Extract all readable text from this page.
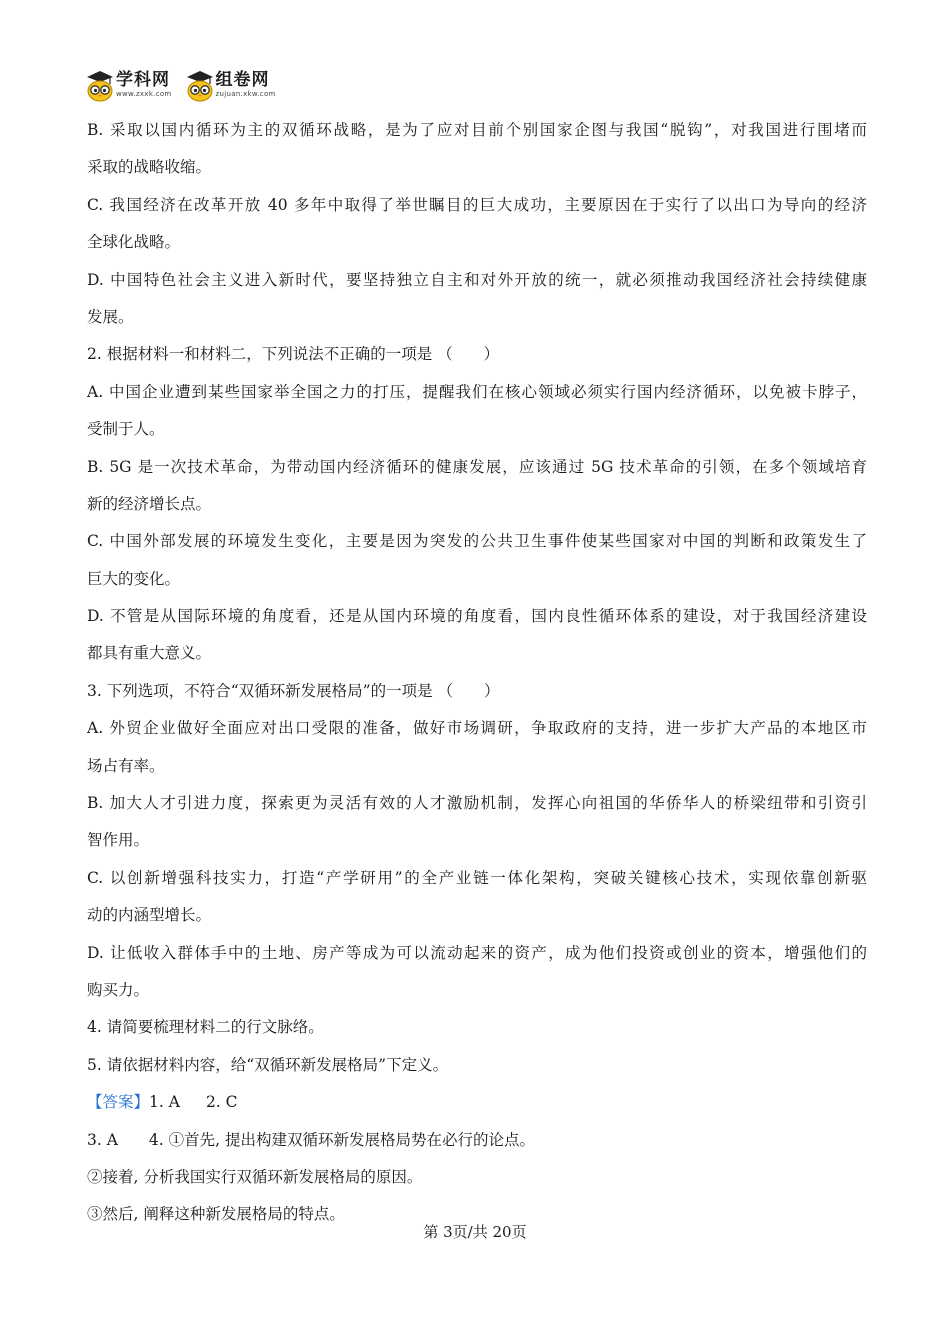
学科网
www.zxxk.com
组卷网
zujuan.xkw.com
B. 采取以国内循环为主的双循环战略，是为了应对目前个别国家企图与我国“脱钩”，对我国进行围堵而
采取的战略收缩。
C. 我国经济在改革开放 40 多年中取得了举世瞩目的巨大成功，主要原因在于实行了以出口为导向的经济
全球化战略。
D. 中国特色社会主义进入新时代，要坚持独立自主和对外开放的统一，就必须推动我国经济社会持续健康
发展。
2. 根据材料一和材料二，下列说法不正确的一项是 （　　）
A. 中国企业遭到某些国家举全国之力的打压，提醒我们在核心领域必须实行国内经济循环，以免被卡脖子，
受制于人。
B. 5G 是一次技术革命，为带动国内经济循环的健康发展，应该通过 5G 技术革命的引领，在多个领域培育
新的经济增长点。
C. 中国外部发展的环境发生变化，主要是因为突发的公共卫生事件使某些国家对中国的判断和政策发生了
巨大的变化。
D. 不管是从国际环境的角度看，还是从国内环境的角度看，国内良性循环体系的建设，对于我国经济建设
都具有重大意义。
3. 下列选项，不符合“双循环新发展格局”的一项是 （　　）
A. 外贸企业做好全面应对出口受限的准备，做好市场调研，争取政府的支持，进一步扩大产品的本地区市
场占有率。
B. 加大人才引进力度，探索更为灵活有效的人才激励机制，发挥心向祖国的华侨华人的桥梁纽带和引资引
智作用。
C. 以创新增强科技实力，打造“产学研用”的全产业链一体化架构，突破关键核心技术，实现依靠创新驱
动的内涵型增长。
D. 让低收入群体手中的土地、房产等成为可以流动起来的资产，成为他们投资或创业的资本，增强他们的
购买力。
4. 请简要梳理材料二的行文脉络。
5. 请依据材料内容，给“双循环新发展格局”下定义。
【答案】1. A 2. C
3. A　　4. ①首先, 提出构建双循环新发展格局势在必行的论点。
②接着, 分析我国实行双循环新发展格局的原因。
③然后, 阐释这种新发展格局的特点。
第 3页/共 20页
